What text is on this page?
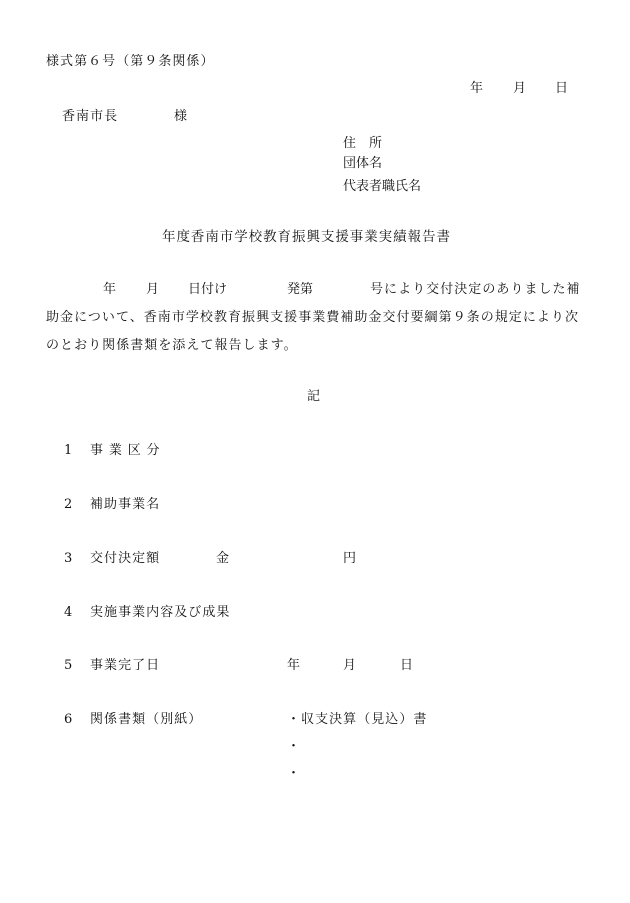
様式第６号（第９条関係）
年 月 日
香南市長	様
住　所
団体名
代表者職氏名
年度香南市学校教育振興支援事業実績報告書
年 月 日付け	発第	号により交付決定のありました補
助金について、香南市学校教育振興支援事業費補助金交付要綱第９条の規定により次
のとおり関係書類を添えて報告します。
記
1 事業区分
2 補助事業名
3 交付決定額	金	円
4 実施事業内容及び成果
5 事業完了日	年	月	日
6 関係書類（別紙）	・収支決算（見込）書
・
・
